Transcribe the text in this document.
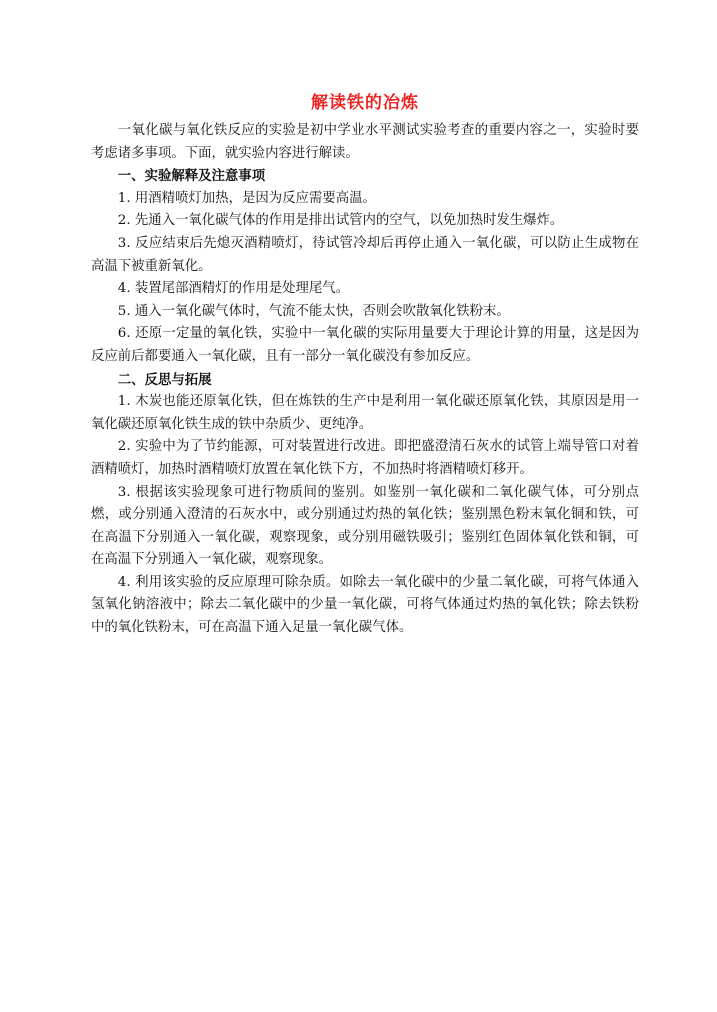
解读铁的冶炼

一氧化碳与氧化铁反应的实验是初中学业水平测试实验考查的重要内容之一，实验时要考虑诸多事项。下面，就实验内容进行解读。

一、实验解释及注意事项

1. 用酒精喷灯加热，是因为反应需要高温。

2. 先通入一氧化碳气体的作用是排出试管内的空气，以免加热时发生爆炸。

3. 反应结束后先熄灭酒精喷灯，待试管冷却后再停止通入一氧化碳，可以防止生成物在高温下被重新氧化。

4. 装置尾部酒精灯的作用是处理尾气。

5. 通入一氧化碳气体时，气流不能太快，否则会吹散氧化铁粉末。

6. 还原一定量的氧化铁，实验中一氧化碳的实际用量要大于理论计算的用量，这是因为反应前后都要通入一氧化碳，且有一部分一氧化碳没有参加反应。

二、反思与拓展

1. 木炭也能还原氧化铁，但在炼铁的生产中是利用一氧化碳还原氧化铁，其原因是用一氧化碳还原氧化铁生成的铁中杂质少、更纯净。

2. 实验中为了节约能源，可对装置进行改进。即把盛澄清石灰水的试管上端导管口对着酒精喷灯，加热时酒精喷灯放置在氧化铁下方，不加热时将酒精喷灯移开。

3. 根据该实验现象可进行物质间的鉴别。如鉴别一氧化碳和二氧化碳气体，可分别点燃，或分别通入澄清的石灰水中，或分别通过灼热的氧化铁；鉴别黑色粉末氧化铜和铁，可在高温下分别通入一氧化碳，观察现象，或分别用磁铁吸引；鉴别红色固体氧化铁和铜，可在高温下分别通入一氧化碳，观察现象。

4. 利用该实验的反应原理可除杂质。如除去一氧化碳中的少量二氧化碳，可将气体通入氢氧化钠溶液中；除去二氧化碳中的少量一氧化碳，可将气体通过灼热的氧化铁；除去铁粉中的氧化铁粉末，可在高温下通入足量一氧化碳气体。
